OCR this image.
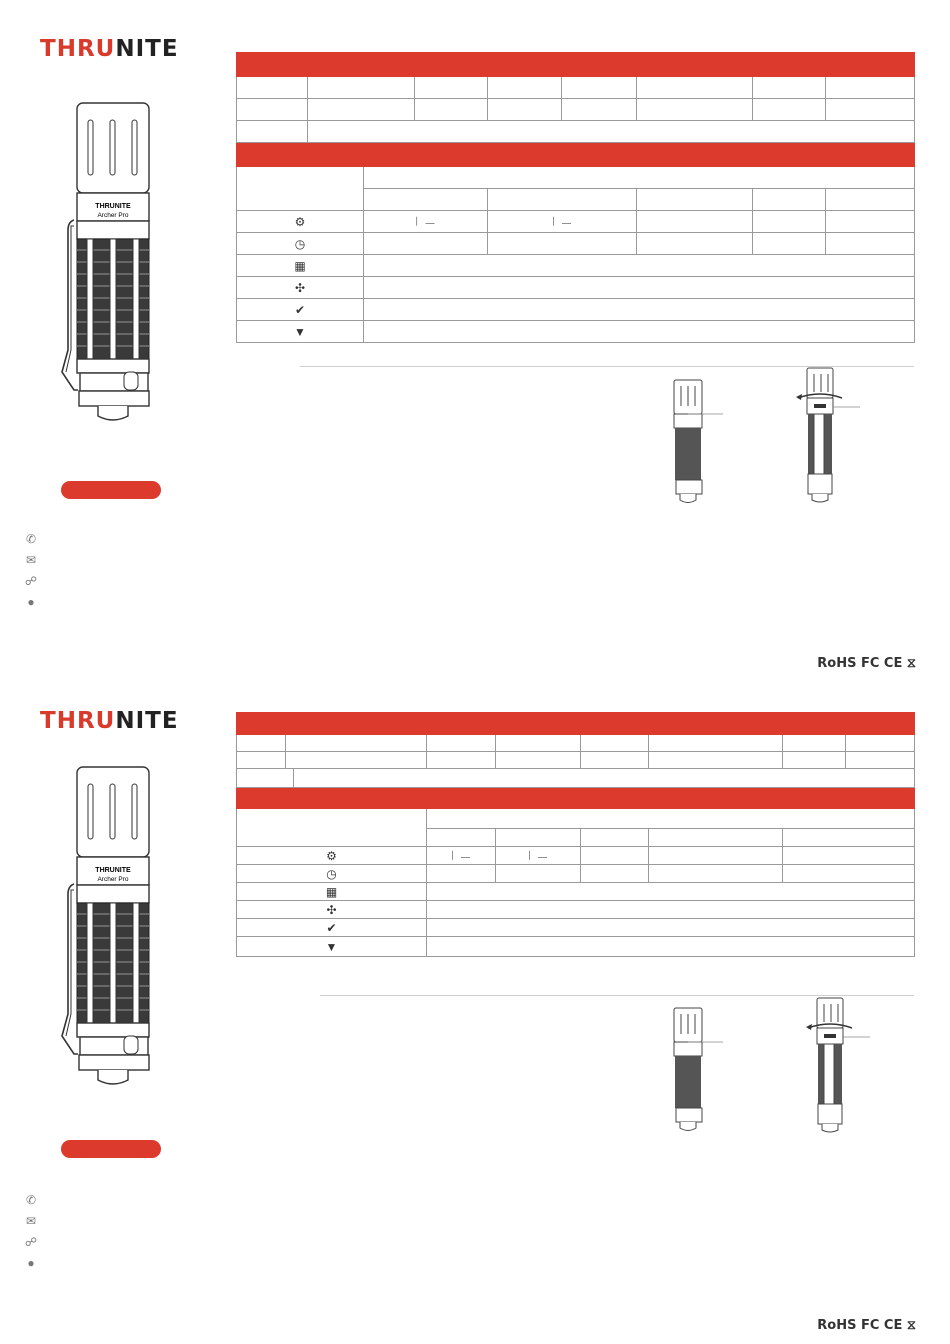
THRUNITE
THRUNITE
Archer Pro
✆
✉
☍
●

⚙		⎸⎼		⎸⎼				
◷								
▦								
✣								
✔								
▼								
RoHS FC CE ⧖
THRUNITE
THRUNITE
Archer Pro
✆
✉
☍
●

⚙			⎸⎼	⎸⎼				
◷								
▦								
✣								
✔								
▼								
RoHS FC CE ⧖
